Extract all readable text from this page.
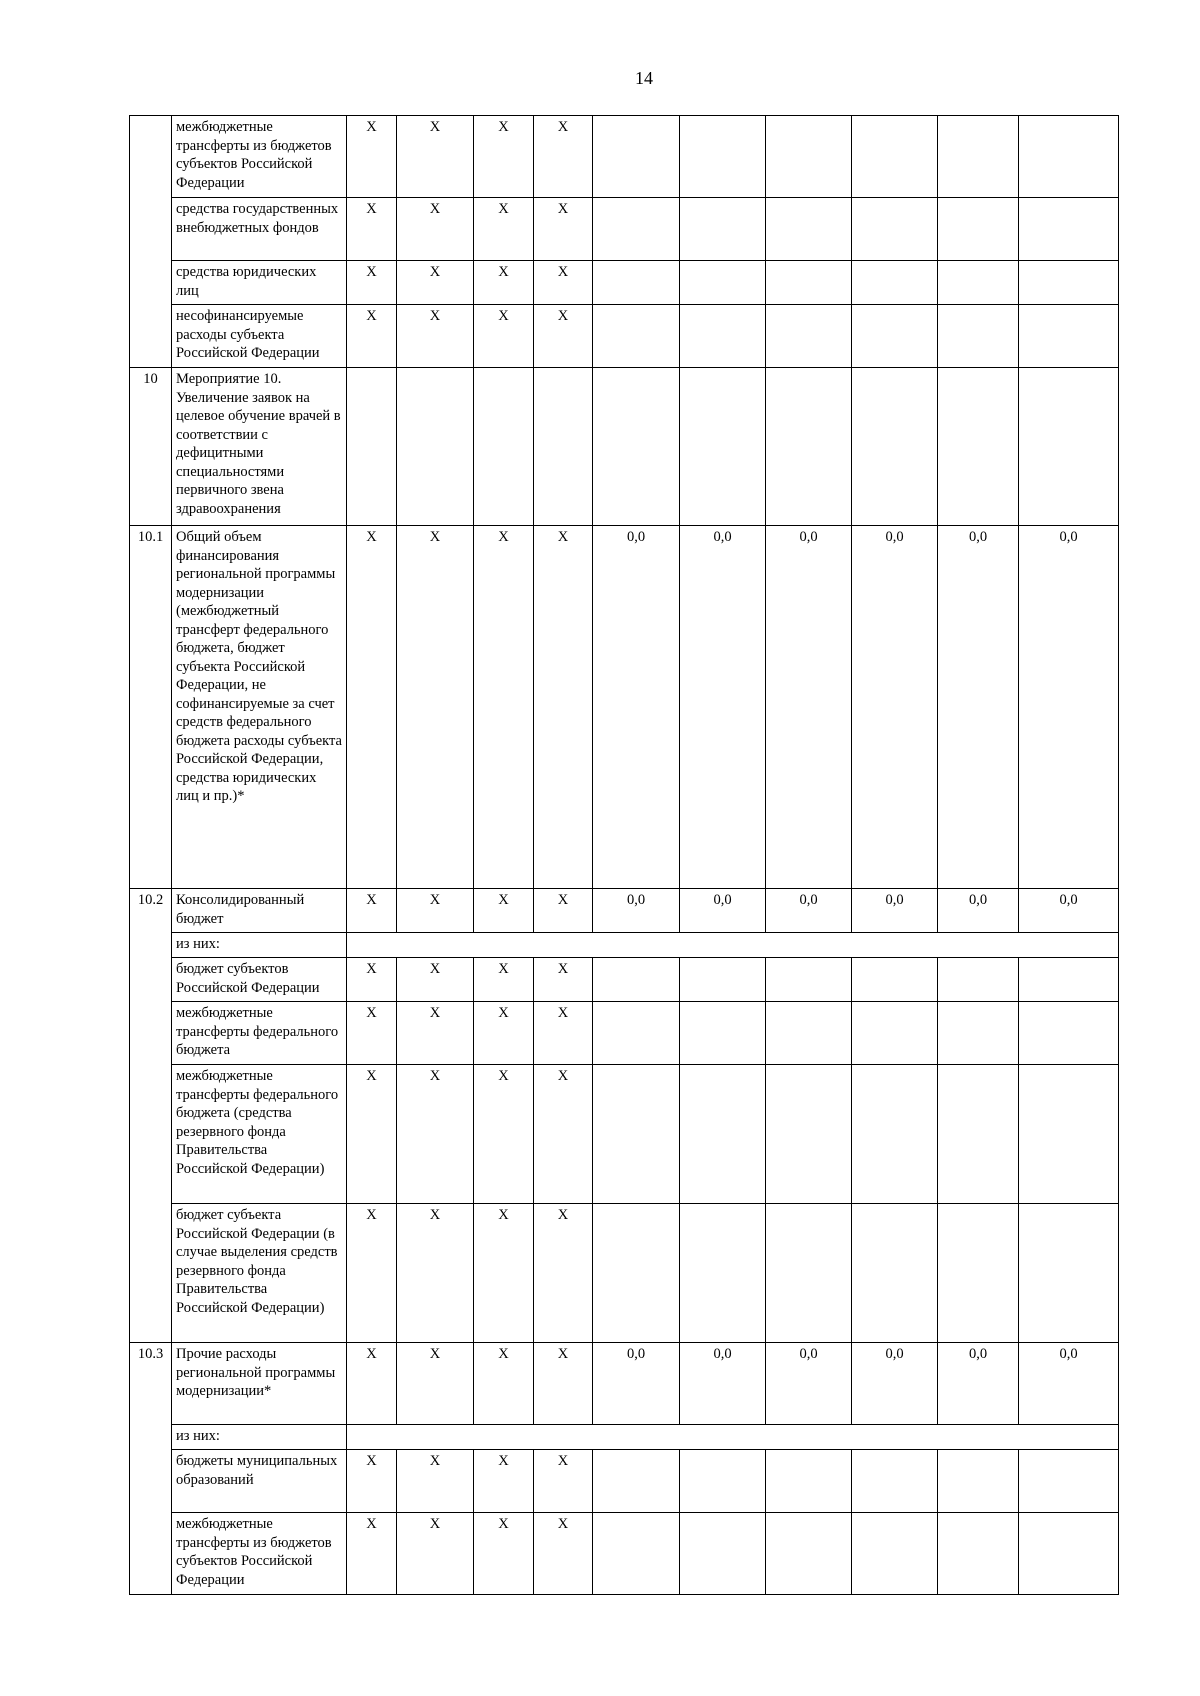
14
	межбюджетные трансферты из бюджетов субъектов Российской Федерации	X	X	X	X						
	средства государственных внебюджетных фондов	X	X	X	X						
	средства юридических лиц	X	X	X	X						
	несофинансируемые расходы субъекта Российской Федерации	X	X	X	X						
10	Мероприятие 10. Увеличение заявок на целевое обучение врачей в соответствии с дефицитными специальностями первичного звена здравоохранения										
10.1	Общий объем финансирования региональной программы модернизации (межбюджетный трансферт федерального бюджета, бюджет субъекта Российской Федерации, не софинансируемые за счет средств федерального бюджета расходы субъекта Российской Федерации, средства юридических лиц и пр.)*	X	X	X	X	0,0	0,0	0,0	0,0	0,0	0,0
10.2	Консолидированный бюджет	X	X	X	X	0,0	0,0	0,0	0,0	0,0	0,0
	из них:										
	бюджет субъектов Российской Федерации	X	X	X	X						
	межбюджетные трансферты федерального бюджета	X	X	X	X						
	межбюджетные трансферты федерального бюджета (средства резервного фонда Правительства Российской Федерации)	X	X	X	X						
	бюджет субъекта Российской Федерации (в случае выделения средств резервного фонда Правительства Российской Федерации)	X	X	X	X						
10.3	Прочие расходы региональной программы модернизации*	X	X	X	X	0,0	0,0	0,0	0,0	0,0	0,0
	из них:										
	бюджеты муниципальных образований	X	X	X	X						
	межбюджетные трансферты из бюджетов субъектов Российской Федерации	X	X	X	X						
